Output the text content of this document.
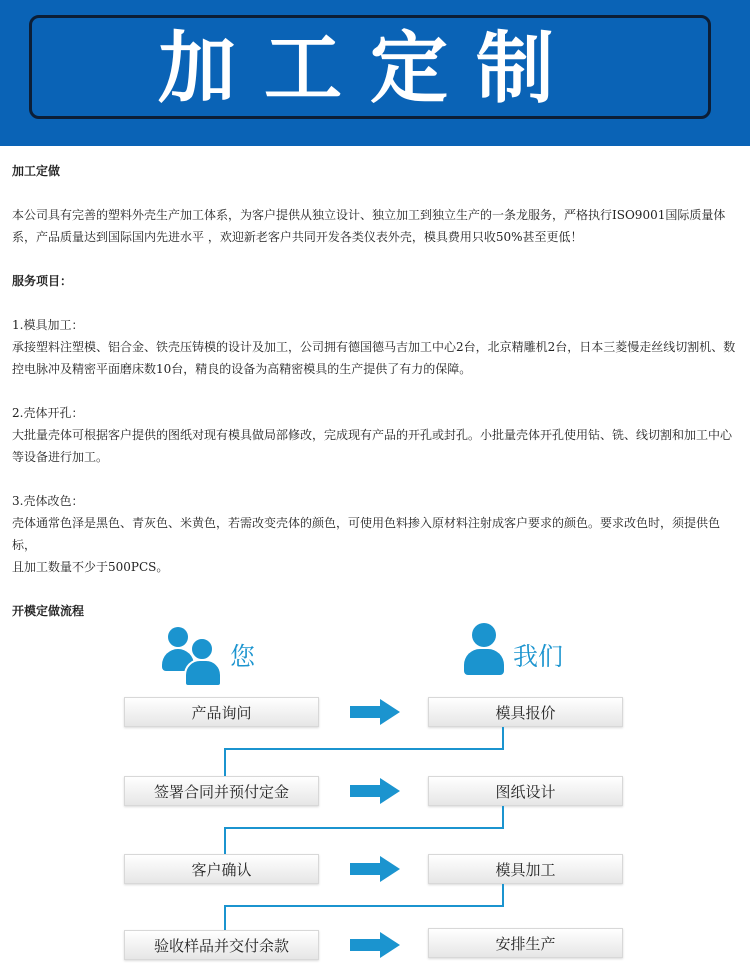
加工定制

加工定做

本公司具有完善的塑料外壳生产加工体系，为客户提供从独立设计、独立加工到独立生产的一条龙服务，严格执行ISO9001国际质量体

系，产品质量达到国际国内先进水平 ，欢迎新老客户共同开发各类仪表外壳，模具费用只收50%甚至更低！

服务项目：

1.模具加工：

承接塑料注塑模、铝合金、铁壳压铸模的设计及加工，公司拥有德国德马吉加工中心2台，北京精雕机2台，日本三菱慢走丝线切割机、数

控电脉冲及精密平面磨床数10台，精良的设备为高精密模具的生产提供了有力的保障。

2.壳体开孔：

大批量壳体可根据客户提供的图纸对现有模具做局部修改，完成现有产品的开孔或封孔。小批量壳体开孔使用钻、铣、线切割和加工中心

等设备进行加工。

3.壳体改色：

壳体通常色泽是黑色、青灰色、米黄色，若需改变壳体的颜色，可使用色料掺入原材料注射成客户要求的颜色。要求改色时，须提供色标，

且加工数量不少于500PCS。

开模定做流程

您	我们
产品询问	模具报价
签署合同并预付定金	图纸设计
客户确认	模具加工
验收样品并交付余款	安排生产
